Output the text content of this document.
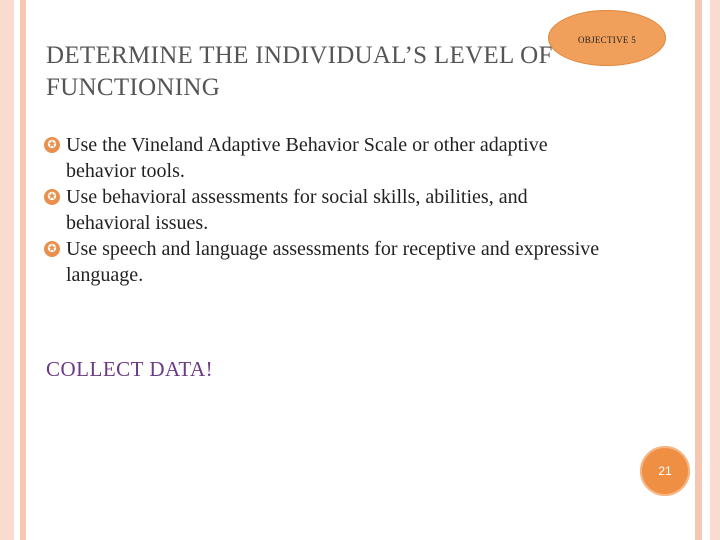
DETERMINE THE INDIVIDUAL’S LEVEL OF FUNCTIONING
OBJECTIVE 5
✪ Use the Vineland Adaptive Behavior Scale or other adaptive behavior tools.
✪ Use behavioral assessments for social skills, abilities, and behavioral issues.
✪ Use speech and language assessments for receptive and expressive language.

COLLECT DATA!

21
